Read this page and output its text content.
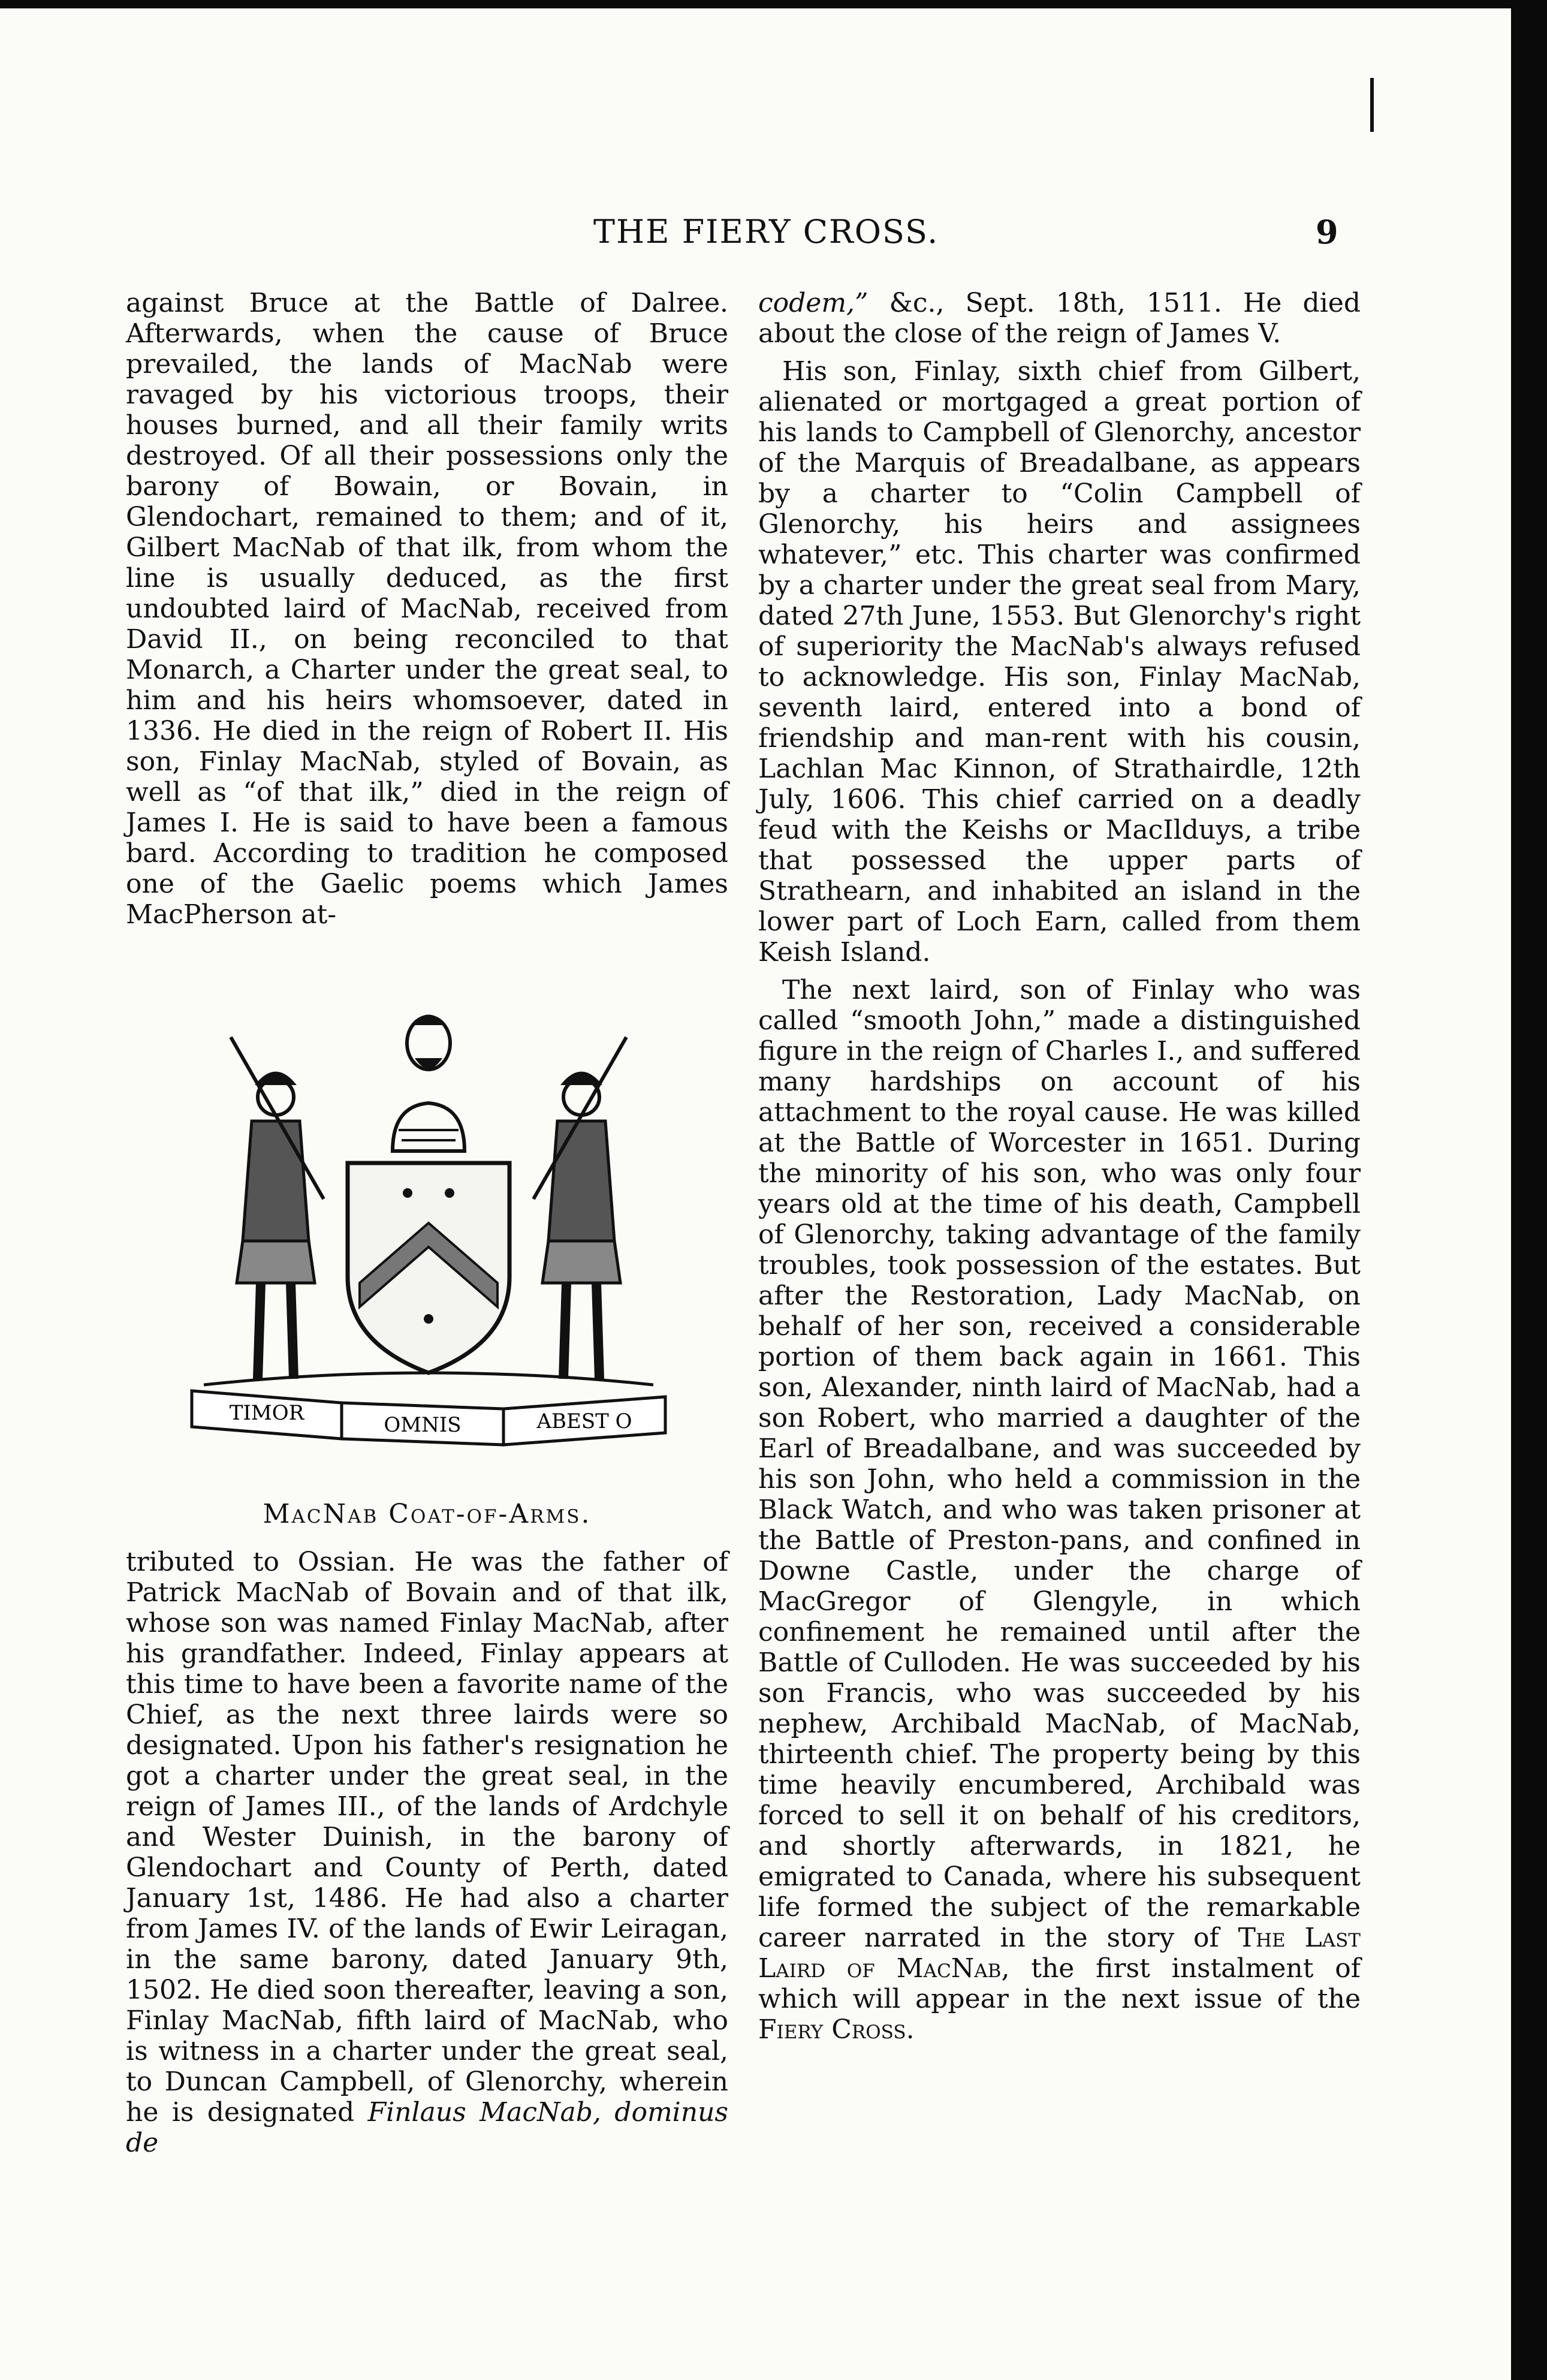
THE FIERY CROSS.	9

against Bruce at the Battle of Dalree. Afterwards, when the cause of Bruce prevailed, the lands of MacNab were ravaged by his victorious troops, their houses burned, and all their family writs destroyed. Of all their possessions only the barony of Bowain, or Bovain, in Glendochart, remained to them; and of it, Gilbert MacNab of that ilk, from whom the line is usually deduced, as the first undoubted laird of MacNab, received from David II., on being reconciled to that Monarch, a Charter under the great seal, to him and his heirs whomsoever, dated in 1336. He died in the reign of Robert II. His son, Finlay MacNab, styled of Bovain, as well as “of that ilk,” died in the reign of James I. He is said to have been a famous bard. According to tradition he composed one of the Gaelic poems which James MacPherson at-

TIMOR	OMNIS	ABEST O
MacNab Coat-of-Arms.

tributed to Ossian. He was the father of Patrick MacNab of Bovain and of that ilk, whose son was named Finlay MacNab, after his grandfather. Indeed, Finlay appears at this time to have been a favorite name of the Chief, as the next three lairds were so designated. Upon his father's resignation he got a charter under the great seal, in the reign of James III., of the lands of Ardchyle and Wester Duinish, in the barony of Glendochart and County of Perth, dated January 1st, 1486. He had also a charter from James IV. of the lands of Ewir Leiragan, in the same barony, dated January 9th, 1502. He died soon thereafter, leaving a son, Finlay MacNab, fifth laird of MacNab, who is witness in a charter under the great seal, to Duncan Campbell, of Glenorchy, wherein he is designated Finlaus MacNab, dominus de

codem,” &c., Sept. 18th, 1511. He died about the close of the reign of James V.

His son, Finlay, sixth chief from Gilbert, alienated or mortgaged a great portion of his lands to Campbell of Glenorchy, ancestor of the Marquis of Breadalbane, as appears by a charter to “Colin Campbell of Glenorchy, his heirs and assignees whatever,” etc. This charter was confirmed by a charter under the great seal from Mary, dated 27th June, 1553. But Glenorchy's right of superiority the MacNab's always refused to acknowledge. His son, Finlay MacNab, seventh laird, entered into a bond of friendship and man-rent with his cousin, Lachlan Mac Kinnon, of Strathairdle, 12th July, 1606. This chief carried on a deadly feud with the Keishs or MacIlduys, a tribe that possessed the upper parts of Strathearn, and inhabited an island in the lower part of Loch Earn, called from them Keish Island.

The next laird, son of Finlay who was called “smooth John,” made a distinguished figure in the reign of Charles I., and suffered many hardships on account of his attachment to the royal cause. He was killed at the Battle of Worcester in 1651. During the minority of his son, who was only four years old at the time of his death, Campbell of Glenorchy, taking advantage of the family troubles, took possession of the estates. But after the Restoration, Lady MacNab, on behalf of her son, received a considerable portion of them back again in 1661. This son, Alexander, ninth laird of MacNab, had a son Robert, who married a daughter of the Earl of Breadalbane, and was succeeded by his son John, who held a commission in the Black Watch, and who was taken prisoner at the Battle of Preston-pans, and confined in Downe Castle, under the charge of MacGregor of Glengyle, in which confinement he remained until after the Battle of Culloden. He was succeeded by his son Francis, who was succeeded by his nephew, Archibald MacNab, of MacNab, thirteenth chief. The property being by this time heavily encumbered, Archibald was forced to sell it on behalf of his creditors, and shortly afterwards, in 1821, he emigrated to Canada, where his subsequent life formed the subject of the remarkable career narrated in the story of The Last Laird of MacNab, the first instalment of which will appear in the next issue of the Fiery Cross.
